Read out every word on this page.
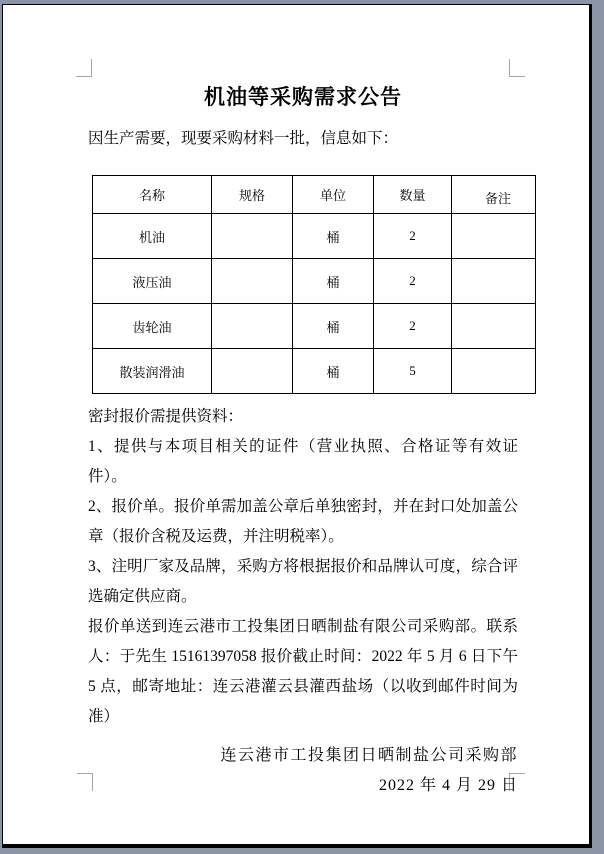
机油等采购需求公告
因生产需要，现要采购材料一批，信息如下：
名称	规格	单位	数量	备注
机油		桶	2	
液压油		桶	2	
齿轮油		桶	2	
散装润滑油		桶	5	

密封报价需提供资料：

1、提供与本项目相关的证件（营业执照、合格证等有效证件）。

2、报价单。报价单需加盖公章后单独密封，并在封口处加盖公章（报价含税及运费，并注明税率）。

3、注明厂家及品牌，采购方将根据报价和品牌认可度，综合评选确定供应商。

报价单送到连云港市工投集团日晒制盐有限公司采购部。联系人：于先生 15161397058 报价截止时间：2022 年 5 月 6 日下午 5 点，邮寄地址：连云港灌云县灌西盐场（以收到邮件时间为准）

连云港市工投集团日晒制盐公司采购部
2022 年 4 月 29 日
